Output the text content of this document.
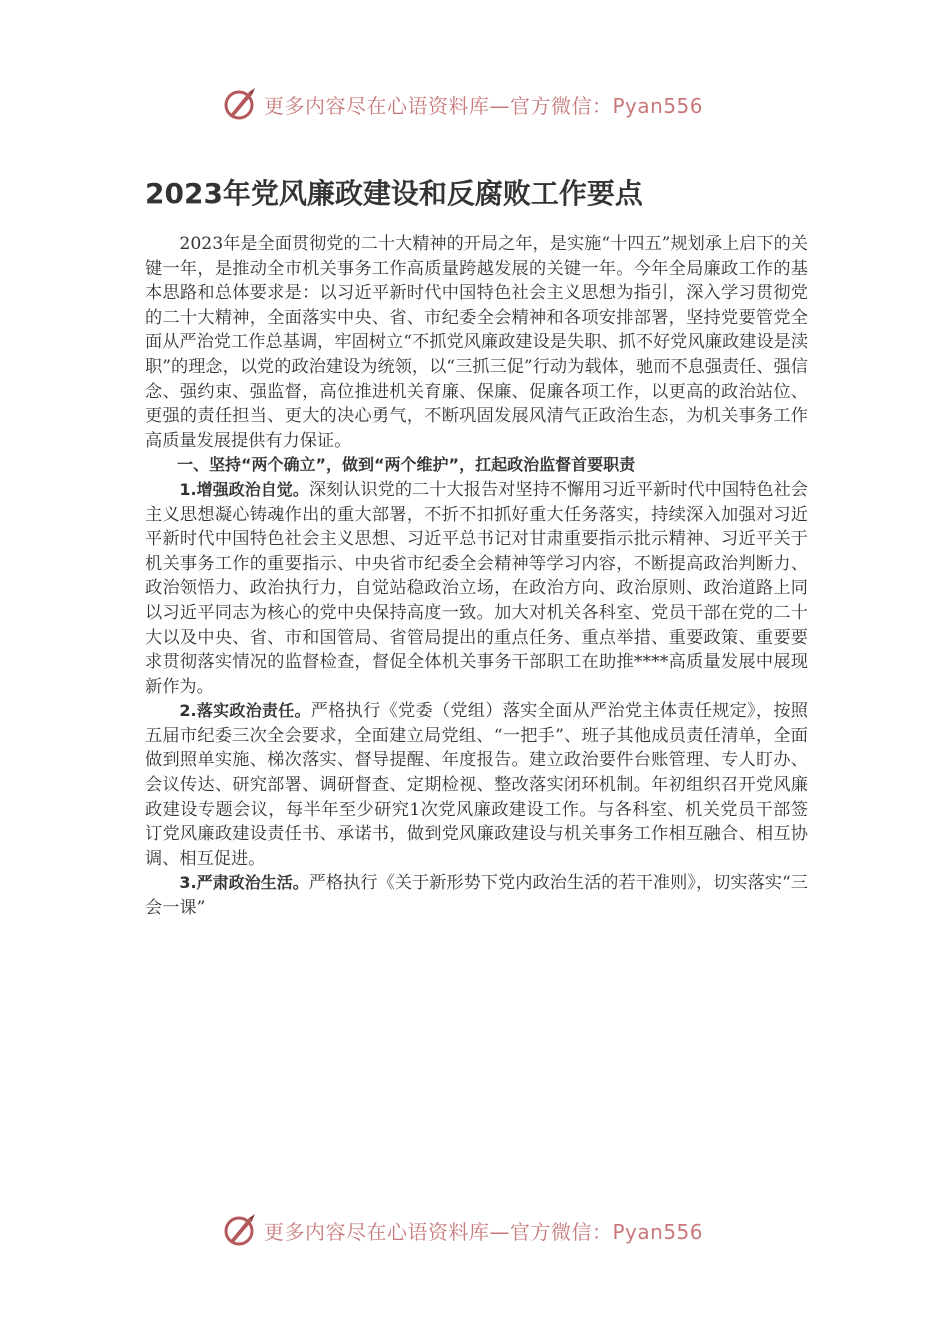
更多内容尽在心语资料库—官方微信：Pyan556
2023年党风廉政建设和反腐败工作要点

2023年是全面贯彻党的二十大精神的开局之年，是实施“十四五”规划承上启下的关键一年，是推动全市机关事务工作高质量跨越发展的关键一年。今年全局廉政工作的基本思路和总体要求是：以习近平新时代中国特色社会主义思想为指引，深入学习贯彻党的二十大精神，全面落实中央、省、市纪委全会精神和各项安排部署，坚持党要管党全面从严治党工作总基调，牢固树立“不抓党风廉政建设是失职、抓不好党风廉政建设是渎职”的理念，以党的政治建设为统领，以“三抓三促”行动为载体，驰而不息强责任、强信念、强约束、强监督，高位推进机关育廉、保廉、促廉各项工作，以更高的政治站位、更强的责任担当、更大的决心勇气，不断巩固发展风清气正政治生态，为机关事务工作高质量发展提供有力保证。

一、坚持“两个确立”，做到“两个维护”，扛起政治监督首要职责

1.增强政治自觉。深刻认识党的二十大报告对坚持不懈用习近平新时代中国特色社会主义思想凝心铸魂作出的重大部署，不折不扣抓好重大任务落实，持续深入加强对习近平新时代中国特色社会主义思想、习近平总书记对甘肃重要指示批示精神、习近平关于机关事务工作的重要指示、中央省市纪委全会精神等学习内容，不断提高政治判断力、政治领悟力、政治执行力，自觉站稳政治立场，在政治方向、政治原则、政治道路上同以习近平同志为核心的党中央保持高度一致。加大对机关各科室、党员干部在党的二十大以及中央、省、市和国管局、省管局提出的重点任务、重点举措、重要政策、重要要求贯彻落实情况的监督检查，督促全体机关事务干部职工在助推****高质量发展中展现新作为。

2.落实政治责任。严格执行《党委（党组）落实全面从严治党主体责任规定》，按照五届市纪委三次全会要求，全面建立局党组、“一把手”、班子其他成员责任清单，全面做到照单实施、梯次落实、督导提醒、年度报告。建立政治要件台账管理、专人盯办、会议传达、研究部署、调研督查、定期检视、整改落实闭环机制。年初组织召开党风廉政建设专题会议，每半年至少研究1次党风廉政建设工作。与各科室、机关党员干部签订党风廉政建设责任书、承诺书，做到党风廉政建设与机关事务工作相互融合、相互协调、相互促进。

3.严肃政治生活。严格执行《关于新形势下党内政治生活的若干准则》，切实落实“三会一课”

更多内容尽在心语资料库—官方微信：Pyan556
